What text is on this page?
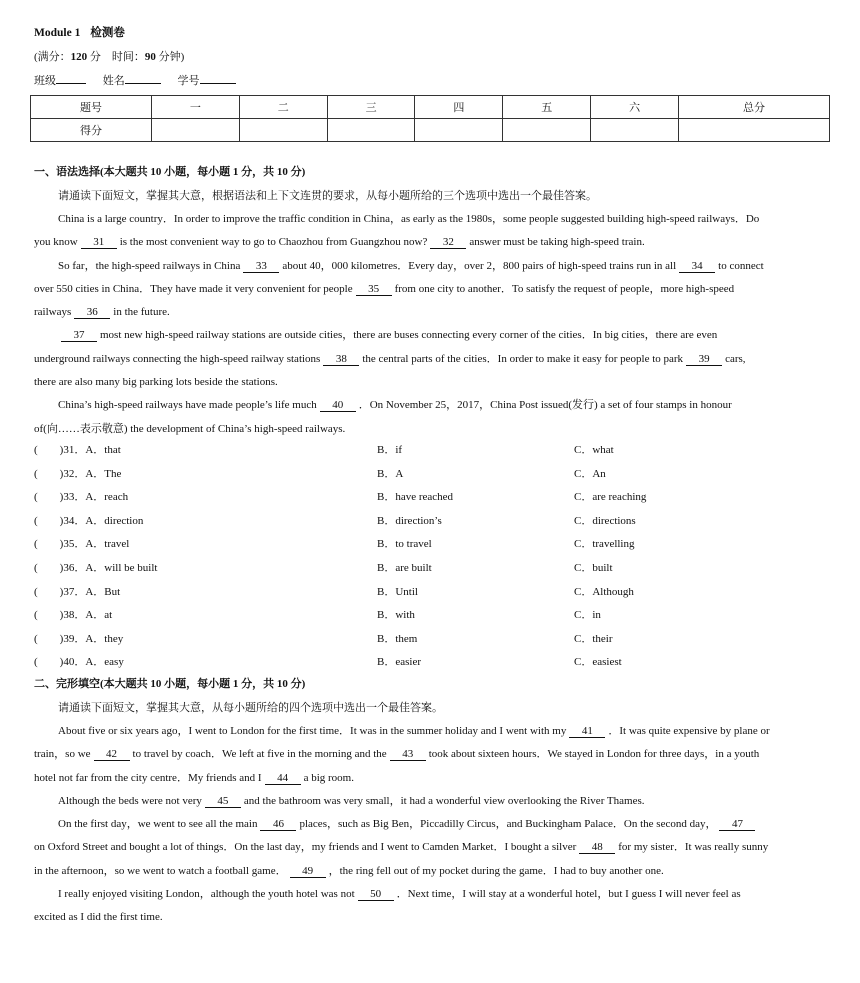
Module 1 检测卷
(满分：120 分　时间：90 分钟)
班级	姓名	学号
题号	一	二	三	四	五	六	总分
得分							
一、语法选择(本大题共 10 小题，每小题 1 分，共 10 分)
请通读下面短文，掌握其大意，根据语法和上下文连贯的要求，从每小题所给的三个选项中选出一个最佳答案。
China is a large country．In order to improve the traffic condition in China，as early as the 1980s，some people suggested building high-speed railways．Do
you know 31 is the most convenient way to go to Chaozhou from Guangzhou now? 32 answer must be taking high-speed train.
So far，the high-speed railways in China 33 about 40，000 kilometres．Every day，over 2，800 pairs of high-speed trains run in all 34 to connect
over 550 cities in China．They have made it very convenient for people 35 from one city to another．To satisfy the request of people，more high-speed
railways 36 in the future.
37 most new high-speed railway stations are outside cities，there are buses connecting every corner of the cities．In big cities，there are even
underground railways connecting the high-speed railway stations 38 the central parts of the cities．In order to make it easy for people to park 39 cars,
there are also many big parking lots beside the stations.
China’s high-speed railways have made people’s life much 40 ．On November 25，2017，China Post issued(发行) a set of four stamps in honour
of(向……表示敬意) the development of China’s high-speed railways.
(　　)31．A．that	B．if	C．what
(　　)32．A．The	B．A	C．An
(　　)33．A．reach	B．have reached	C．are reaching
(　　)34．A．direction	B．direction’s	C．directions
(　　)35．A．travel	B．to travel	C．travelling
(　　)36．A．will be built	B．are built	C．built
(　　)37．A．But	B．Until	C．Although
(　　)38．A．at	B．with	C．in
(　　)39．A．they	B．them	C．their
(　　)40．A．easy	B．easier	C．easiest
二、完形填空(本大题共 10 小题，每小题 1 分，共 10 分)
请通读下面短文，掌握其大意，从每小题所给的四个选项中选出一个最佳答案。
About five or six years ago，I went to London for the first time．It was in the summer holiday and I went with my 41 ．It was quite expensive by plane or
train，so we 42 to travel by coach．We left at five in the morning and the 43 took about sixteen hours．We stayed in London for three days，in a youth
hotel not far from the city centre．My friends and I 44 a big room.
Although the beds were not very 45 and the bathroom was very small，it had a wonderful view overlooking the River Thames.
On the first day，we went to see all the main 46 places，such as Big Ben，Piccadilly Circus，and Buckingham Palace．On the second day， 47
on Oxford Street and bought a lot of things．On the last day，my friends and I went to Camden Market．I bought a silver 48 for my sister．It was really sunny
in the afternoon，so we went to watch a football game． 49 ，the ring fell out of my pocket during the game．I had to buy another one.
I really enjoyed visiting London，although the youth hotel was not 50 ．Next time，I will stay at a wonderful hotel，but I guess I will never feel as
excited as I did the first time.
